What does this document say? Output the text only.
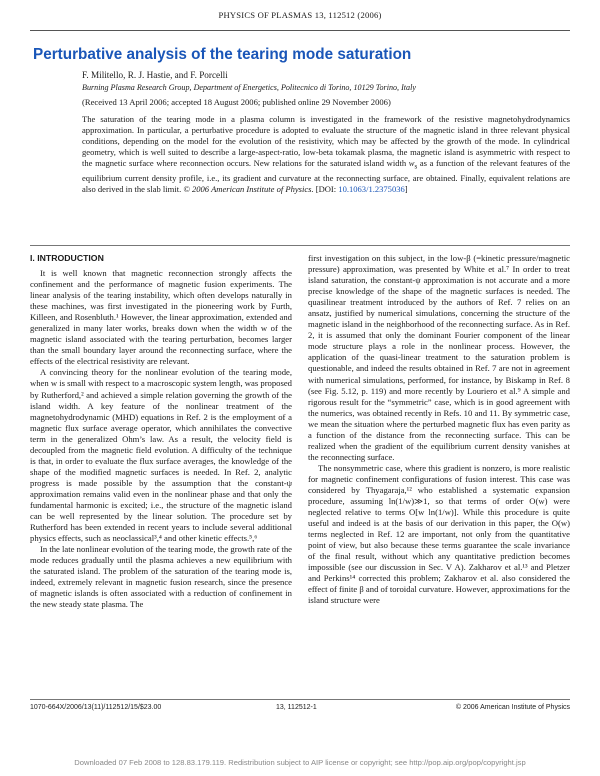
PHYSICS OF PLASMAS 13, 112512 (2006)
Perturbative analysis of the tearing mode saturation
F. Militello, R. J. Hastie, and F. Porcelli
Burning Plasma Research Group, Department of Energetics, Politecnico di Torino, 10129 Torino, Italy
(Received 13 April 2006; accepted 18 August 2006; published online 29 November 2006)

The saturation of the tearing mode in a plasma column is investigated in the framework of the resistive magnetohydrodynamics approximation. In particular, a perturbative procedure is adopted to evaluate the structure of the magnetic island in three relevant physical conditions, depending on the model for the evolution of the resistivity, which may be affected by the growth of the mode. In cylindrical geometry, which is well suited to describe a large-aspect-ratio, low-beta tokamak plasma, the magnetic island is asymmetric with respect to the magnetic surface where reconnection occurs. New relations for the saturated island width $w_s$ as a function of the relevant features of the equilibrium current density profile, i.e., its gradient and curvature at the reconnecting surface, are obtained. Finally, equivalent relations are also derived in the slab limit. © 2006 American Institute of Physics. [DOI: 10.1063/1.2375036]

I. INTRODUCTION

It is well known that magnetic reconnection strongly affects the confinement and the performance of magnetic fusion experiments. The linear analysis of the tearing instability, which often develops naturally in these machines, was first investigated in the pioneering work by Furth, Killeen, and Rosenbluth.¹ However, the linear approximation, extended and generalized in many later works, breaks down when the width w of the magnetic island associated with the tearing perturbation, becomes larger than the small boundary layer around the reconnecting surface, where the effects of the electrical resistivity are relevant.

A convincing theory for the nonlinear evolution of the tearing mode, when w is small with respect to a macroscopic system length, was proposed by Rutherford,² and achieved a simple relation governing the growth of the island width. A key feature of the nonlinear treatment of the magnetohydrodynamic (MHD) equations in Ref. 2 is the employment of a magnetic flux surface average operator, which annihilates the convective term in the generalized Ohm’s law. As a result, the velocity field is decoupled from the magnetic field evolution. A difficulty of the technique is that, in order to evaluate the flux surface averages, the knowledge of the shape of the modified magnetic surfaces is needed. In Ref. 2, analytic progress is made possible by the assumption that the constant-ψ approximation remains valid even in the nonlinear phase and that only the fundamental harmonic is excited; i.e., the structure of the magnetic island can be well represented by the linear solution. The procedure set by Rutherford has been extended in recent years to include several additional physics effects, such as neoclassical³,⁴ and other kinetic effects.⁵,⁶

In the late nonlinear evolution of the tearing mode, the growth rate of the mode reduces gradually until the plasma achieves a new equilibrium with the saturated island. The problem of the saturation of the tearing mode is, indeed, extremely relevant in magnetic fusion research, since the presence of magnetic islands is often associated with a reduction of confinement in the new steady state plasma. The

first investigation on this subject, in the low-β (=kinetic pressure/magnetic pressure) approximation, was presented by White et al.⁷ In order to treat island saturation, the constant-ψ approximation is not accurate and a more precise knowledge of the shape of the magnetic surfaces is needed. The quasilinear treatment introduced by the authors of Ref. 7 relies on an ansatz, justified by numerical simulations, concerning the structure of the magnetic island in the neighborhood of the reconnecting surface. As in Ref. 2, it is assumed that only the dominant Fourier component of the linear mode structure plays a role in the nonlinear process. However, the application of the quasi-linear treatment to the saturation problem is questionable, and indeed the results obtained in Ref. 7 are not in agreement with numerical simulations, performed, for instance, by Biskamp in Ref. 8 (see Fig. 5.12, p. 119) and more recently by Lourierо et al.⁹ A simple and rigorous result for the “symmetric” case, which is in good agreement with the numerics, was obtained recently in Refs. 10 and 11. By symmetric case, we mean the situation where the perturbed magnetic flux has even parity as a function of the distance from the reconnecting surface. This can be realized when the gradient of the equilibrium current density vanishes at the reconnecting surface.

The nonsymmetric case, where this gradient is nonzero, is more realistic for magnetic confinement configurations of fusion interest. This case was considered by Thyagaraja,¹² who established a systematic expansion procedure, assuming ln(1/w)≫1, so that terms of order O(w) were neglected relative to terms O[w ln(1/w)]. While this procedure is quite useful and indeed is at the basis of our derivation in this paper, the O(w) terms neglected in Ref. 12 are important, not only from the quantitative point of view, but also because these terms guarantee the scale invariance of the final result, without which any quantitative prediction becomes impossible (see our discussion in Sec. V A). Zakharov et al.¹³ and Pletzer and Perkins¹⁴ corrected this problem; Zakharov et al. also considered the effect of finite β and of toroidal curvature. However, approximations for the island structure were

1070-664X/2006/13(11)/112512/15/$23.00	13, 112512-1	© 2006 American Institute of Physics
Downloaded 07 Feb 2008 to 128.83.179.119. Redistribution subject to AIP license or copyright; see http://pop.aip.org/pop/copyright.jsp
